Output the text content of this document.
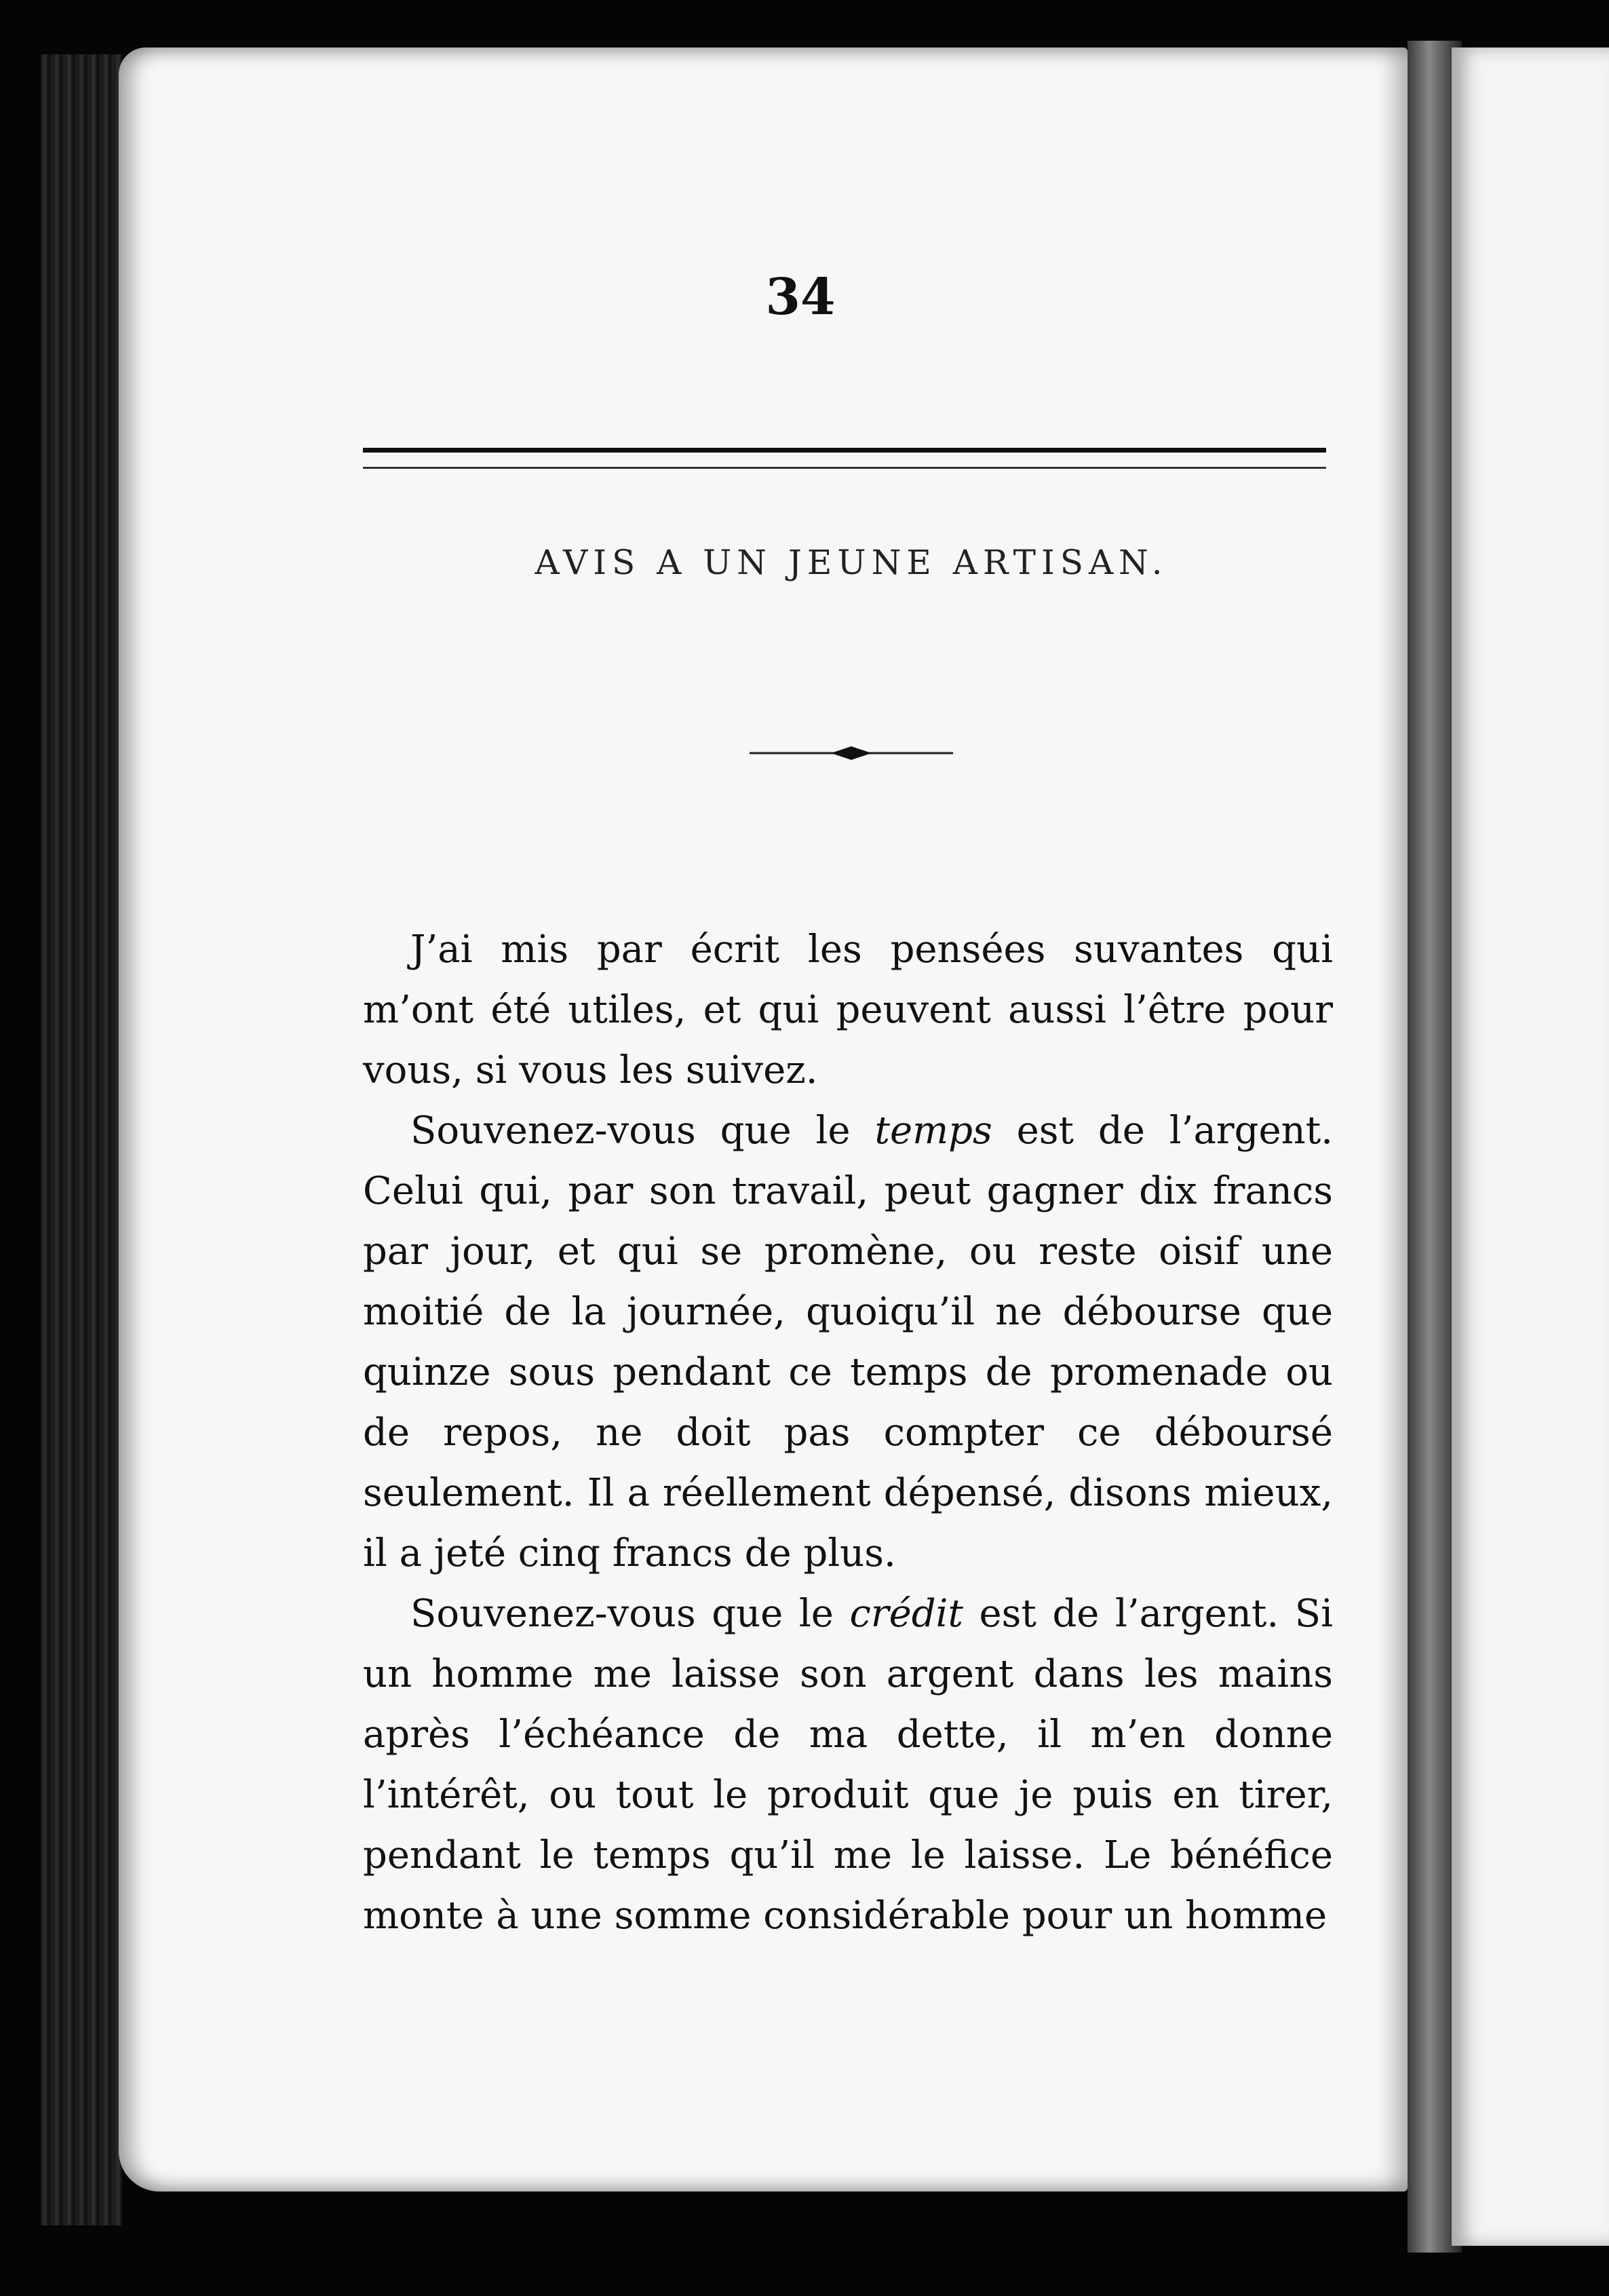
34
AVIS A UN JEUNE ARTISAN.

J’ai mis par écrit les pensées suvantes qui m’ont été utiles, et qui peuvent aussi l’être pour vous, si vous les suivez.

Souvenez-vous que le temps est de l’argent. Celui qui, par son travail, peut gagner dix francs par jour, et qui se promène, ou reste oisif une moitié de la journée, quoiqu’il ne débourse que quinze sous pendant ce temps de promenade ou de repos, ne doit pas compter ce déboursé seulement. Il a réellement dépensé, disons mieux, il a jeté cinq francs de plus.

Souvenez-vous que le crédit est de l’argent. Si un homme me laisse son argent dans les mains après l’échéance de ma dette, il m’en donne l’intérêt, ou tout le produit que je puis en tirer, pendant le temps qu’il me le laisse. Le bénéfice monte à une somme considérable pour un homme
